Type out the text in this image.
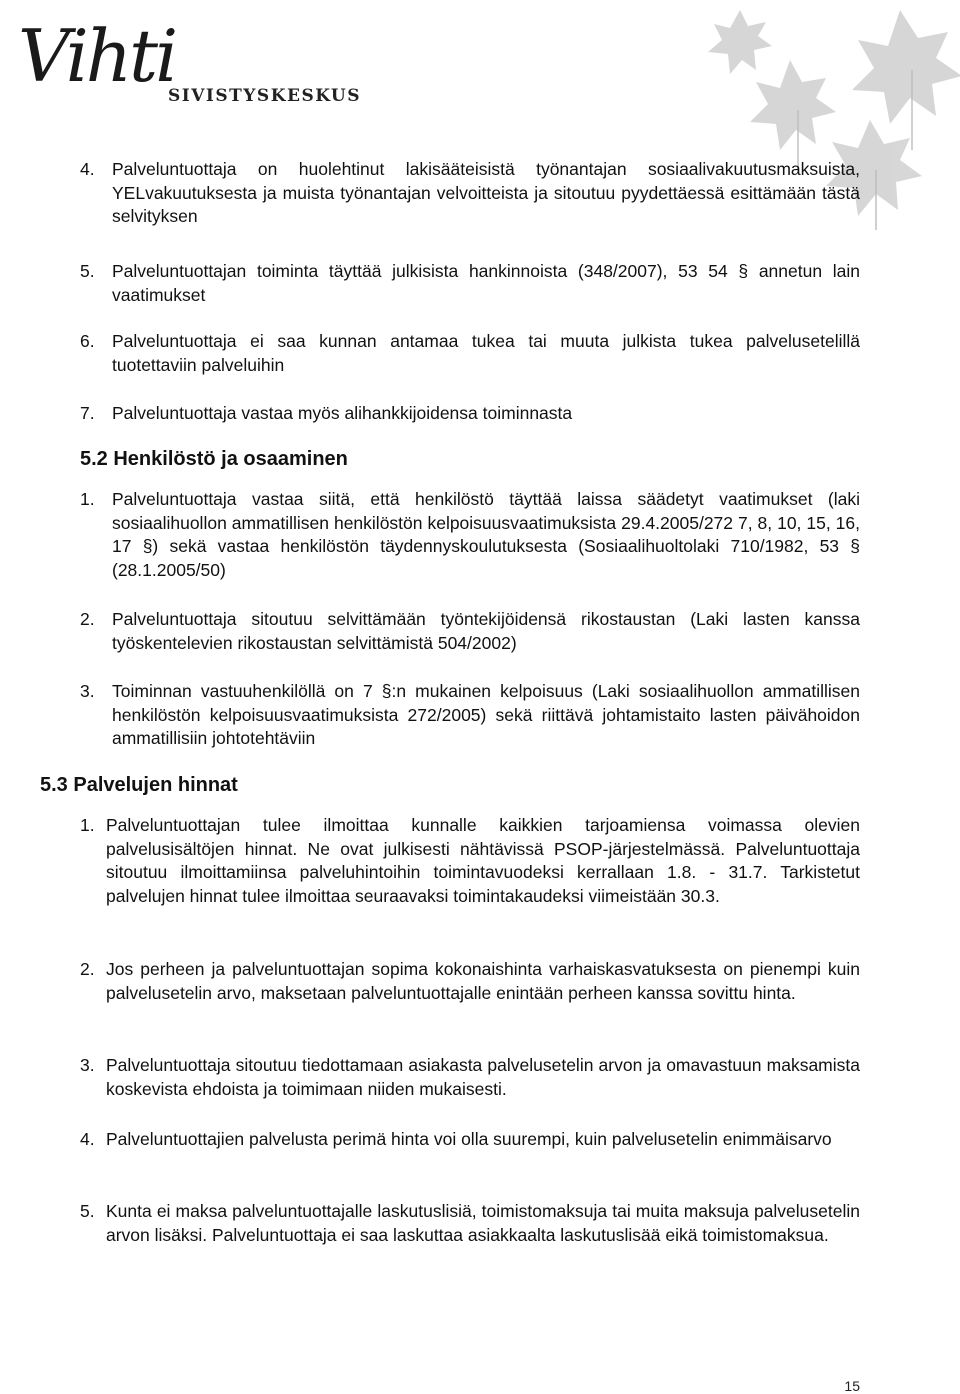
Vihti
SIVISTYSKESKUS
4. Palveluntuottaja on huolehtinut lakisääteisistä työnantajan sosiaalivakuutusmaksuista, YELvakuutuksesta ja muista työnantajan velvoitteista ja sitoutuu pyydettäessä esittämään tästä selvityksen
5. Palveluntuottajan toiminta täyttää julkisista hankinnoista (348/2007), 53 54 § annetun lain vaatimukset
6. Palveluntuottaja ei saa kunnan antamaa tukea tai muuta julkista tukea palvelusetelillä tuotettaviin palveluihin
7. Palveluntuottaja vastaa myös alihankkijoidensa toiminnasta
5.2 Henkilöstö ja osaaminen
1. Palveluntuottaja vastaa siitä, että henkilöstö täyttää laissa säädetyt vaatimukset (laki sosiaalihuollon ammatillisen henkilöstön kelpoisuusvaatimuksista 29.4.2005/272 7, 8, 10, 15, 16, 17 §) sekä vastaa henkilöstön täydennyskoulutuksesta (Sosiaalihuoltolaki 710/1982, 53 § (28.1.2005/50)
2. Palveluntuottaja sitoutuu selvittämään työntekijöidensä rikostaustan (Laki lasten kanssa työskentelevien rikostaustan selvittämistä 504/2002)
3. Toiminnan vastuuhenkilöllä on 7 §:n mukainen kelpoisuus (Laki sosiaalihuollon ammatillisen henkilöstön kelpoisuusvaatimuksista 272/2005) sekä riittävä johtamistaito lasten päivähoidon ammatillisiin johtotehtäviin
5.3 Palvelujen hinnat
1. Palveluntuottajan tulee ilmoittaa kunnalle kaikkien tarjoamiensa voimassa olevien palvelusisältöjen hinnat. Ne ovat julkisesti nähtävissä PSOP-järjestelmässä. Palveluntuottaja sitoutuu ilmoittamiinsa palveluhintoihin toimintavuodeksi kerrallaan 1.8. - 31.7. Tarkistetut palvelujen hinnat tulee ilmoittaa seuraavaksi toimintakaudeksi viimeistään 30.3.
2. Jos perheen ja palveluntuottajan sopima kokonaishinta varhaiskasvatuksesta on pienempi kuin palvelusetelin arvo, maksetaan palveluntuottajalle enintään perheen kanssa sovittu hinta.
3. Palveluntuottaja sitoutuu tiedottamaan asiakasta palvelusetelin arvon ja omavastuun maksamista koskevista ehdoista ja toimimaan niiden mukaisesti.
4. Palveluntuottajien palvelusta perimä hinta voi olla suurempi, kuin palvelusetelin enimmäisarvo
5. Kunta ei maksa palveluntuottajalle laskutuslisiä, toimistomaksuja tai muita maksuja palvelusetelin arvon lisäksi. Palveluntuottaja ei saa laskuttaa asiakkaalta laskutuslisää eikä toimistomaksua.
15
